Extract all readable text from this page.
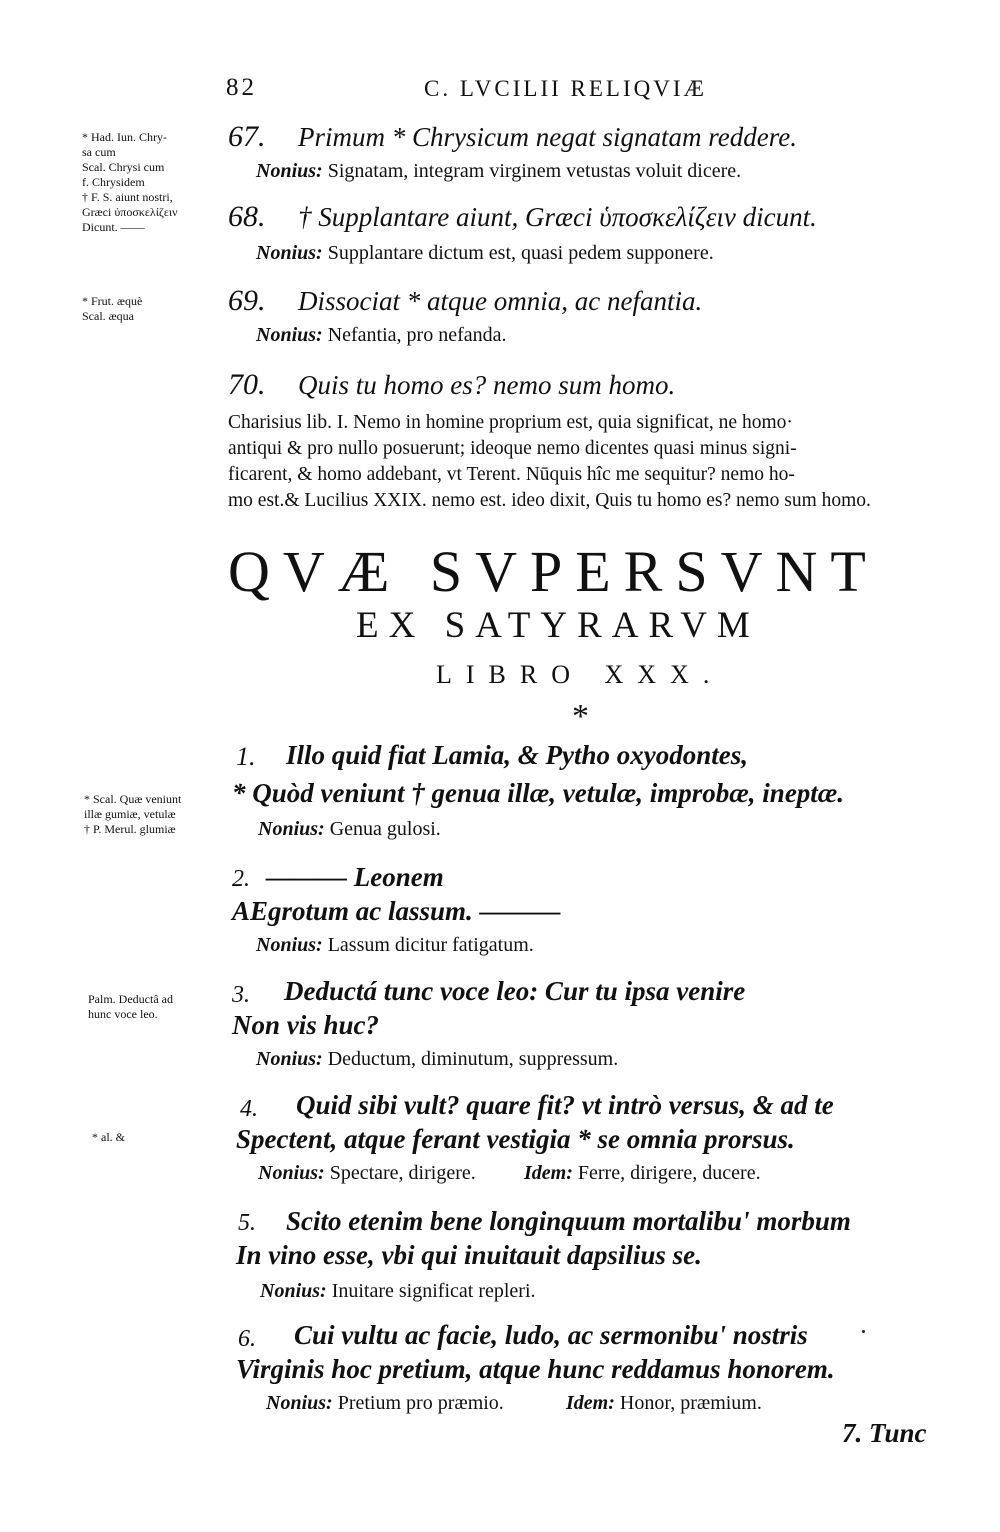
82	C. LVCILII RELIQVIÆ
* Had. Iun. Chry-
sa cum
Scal. Chrysi cum
f. Chrysidem
† F. S. aiunt nostri,
Græci ὑποσκελίζειν
Dicunt. ——
* Frut. æquè
Scal. æqua
* Scal. Quæ veniunt
illæ gumiæ, vetulæ
† P. Merul. glumiæ
Palm. Deductâ ad
hunc voce leo.
* al. &
67. Primum * Chrysicum negat signatam reddere.
Nonius: Signatam, integram virginem vetustas voluit dicere.
68. † Supplantare aiunt, Græci ὑποσκελίζειν dicunt.
Nonius: Supplantare dictum est, quasi pedem supponere.
69. Dissociat * atque omnia, ac nefantia.
Nonius: Nefantia, pro nefanda.
70. Quis tu homo es? nemo sum homo.
Charisius lib. I. Nemo in homine proprium est, quia significat, ne homo·
antiqui & pro nullo posuerunt; ideoque nemo dicentes quasi minus signi-
ficarent, & homo addebant, vt Terent. Nūquis hîc me sequitur? nemo ho-
mo est.& Lucilius XXIX. nemo est. ideo dixit, Quis tu homo es? nemo sum homo.
QVÆ SVPERSVNT
EX SATYRARVM
LIBRO XXX.
*
1. Illo quid fiat Lamia, & Pytho oxyodontes,
* Quòd veniunt † genua illæ, vetulæ, improbæ, ineptæ.
Nonius: Genua gulosi.
2. ——— Leonem
AEgrotum ac lassum. ———
Nonius: Lassum dicitur fatigatum.
3. Deductá tunc voce leo: Cur tu ipsa venire
Non vis huc?
Nonius: Deductum, diminutum, suppressum.
4. Quid sibi vult? quare fit? vt intrò versus, & ad te
Spectent, atque ferant vestigia * se omnia prorsus.
Nonius: Spectare, dirigere. Idem: Ferre, dirigere, ducere.
5. Scito etenim bene longinquum mortalibu' morbum
In vino esse, vbi qui inuitauit dapsilius se.
Nonius: Inuitare significat repleri.
6. Cui vultu ac facie, ludo, ac sermonibu' nostris
Virginis hoc pretium, atque hunc reddamus honorem.
Nonius: Pretium pro præmio.	Idem: Honor, præmium.
7. Tunc
